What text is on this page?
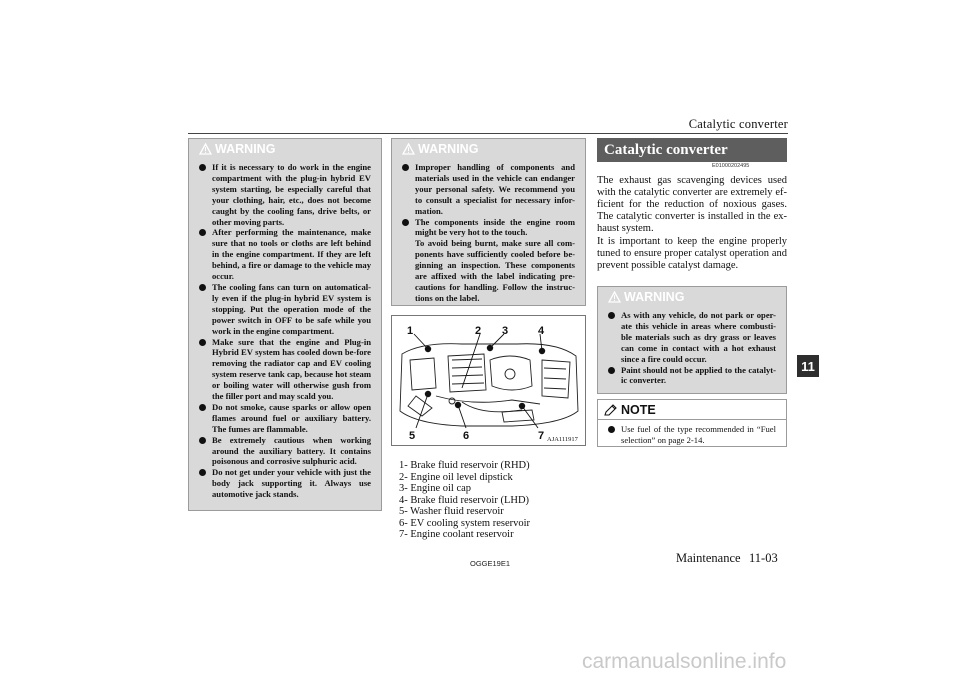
Catalytic converter
WARNING
If it is necessary to do work in the engine compartment with the plug-in hybrid EV system starting, be especially careful that your clothing, hair, etc., does not become caught by the cooling fans, drive belts, or other moving parts.
After performing the maintenance, make sure that no tools or cloths are left behind in the engine compartment. If they are left behind, a fire or damage to the vehicle may occur.
The cooling fans can turn on automatical-ly even if the plug-in hybrid EV system is stopping. Put the operation mode of the power switch in OFF to be safe while you work in the engine compartment.
Make sure that the engine and Plug-in Hybrid EV system has cooled down be-fore removing the radiator cap and EV cooling system reserve tank cap, because hot steam or boiling water will otherwise gush from the filler port and may scald you.
Do not smoke, cause sparks or allow open flames around fuel or auxiliary battery. The fumes are flammable.
Be extremely cautious when working around the auxiliary battery. It contains poisonous and corrosive sulphuric acid.
Do not get under your vehicle with just the body jack supporting it. Always use automotive jack stands.
WARNING
Improper handling of components and materials used in the vehicle can endanger your personal safety. We recommend you to consult a specialist for necessary infor-mation.
The components inside the engine room might be very hot to the touch.
To avoid being burnt, make sure all com-ponents have sufficiently cooled before be-ginning an inspection. These components are affixed with the label indicating pre-cautions for handling. Follow the instruc-tions on the label.
1	2 3	4
5	6	7 AJA111917
1- Brake fluid reservoir (RHD)
2- Engine oil level dipstick
3- Engine oil cap
4- Brake fluid reservoir (LHD)
5- Washer fluid reservoir
6- EV cooling system reservoir
7- Engine coolant reservoir
Catalytic converter
E01000202495
The exhaust gas scavenging devices used with the catalytic converter are extremely ef-ficient for the reduction of noxious gases. The catalytic converter is installed in the ex-haust system.
It is important to keep the engine properly tuned to ensure proper catalyst operation and prevent possible catalyst damage.
WARNING
As with any vehicle, do not park or oper-ate this vehicle in areas where combusti-ble materials such as dry grass or leaves can come in contact with a hot exhaust since a fire could occur.
Paint should not be applied to the catalyt-ic converter.
NOTE
Use fuel of the type recommended in “Fuel selection” on page 2-14.
11
OGGE19E1	Maintenance 11-03
carmanualsonline.info
